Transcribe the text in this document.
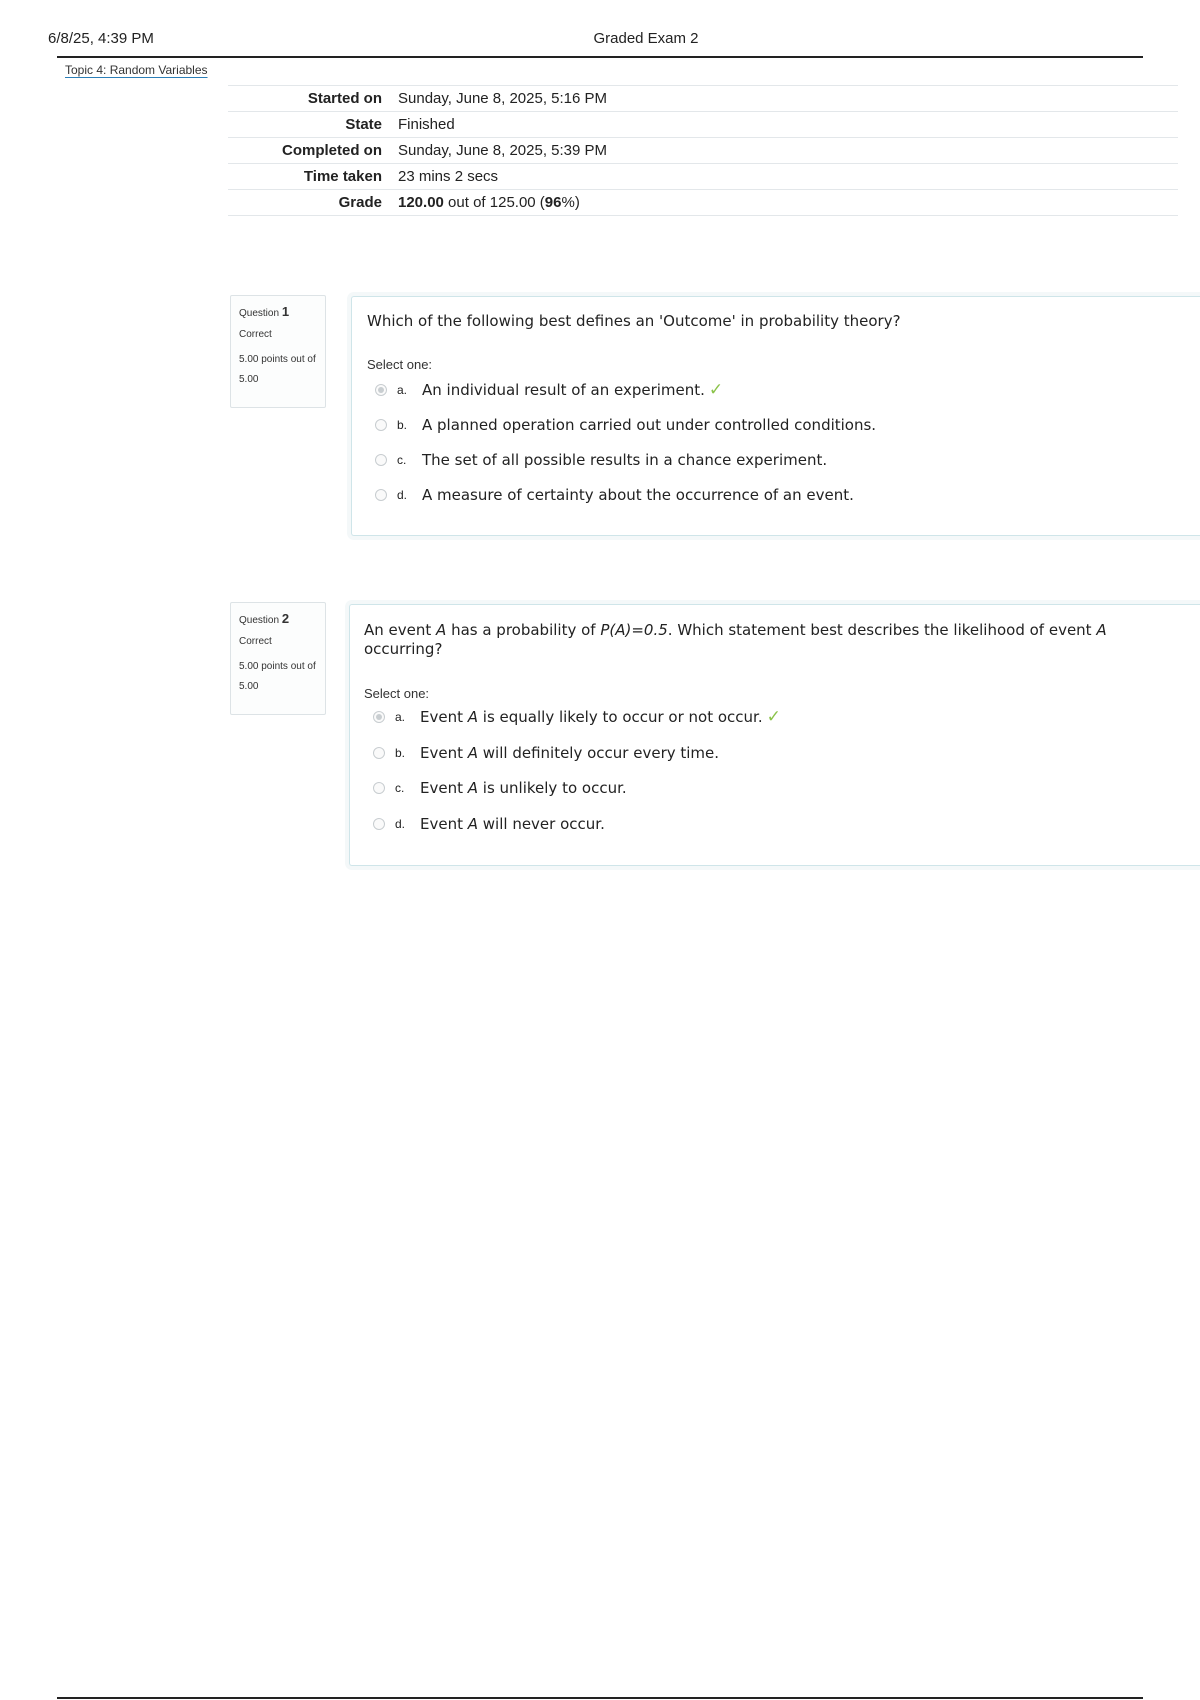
6/8/25, 4:39 PM	Graded Exam 2
Topic 4: Random Variables
Started on	Sunday, June 8, 2025, 5:16 PM
State	Finished
Completed on	Sunday, June 8, 2025, 5:39 PM
Time taken	23 mins 2 secs
Grade	120.00 out of 125.00 (96%)
Question 1
Correct
5.00 points out of 5.00
Which of the following best defines an 'Outcome' in probability theory?
Select one:
a. An individual result of an experiment. ✓
b. A planned operation carried out under controlled conditions.
c.	The set of all possible results in a chance experiment.
d. A measure of certainty about the occurrence of an event.
Question 2
Correct
5.00 points out of 5.00
An event A has a probability of P(A)=0.5. Which statement best describes the likelihood of event A occurring?
Select one:
a. Event A is equally likely to occur or not occur. ✓
b. Event A will definitely occur every time.
c.	Event A is unlikely to occur.
d. Event A will never occur.
